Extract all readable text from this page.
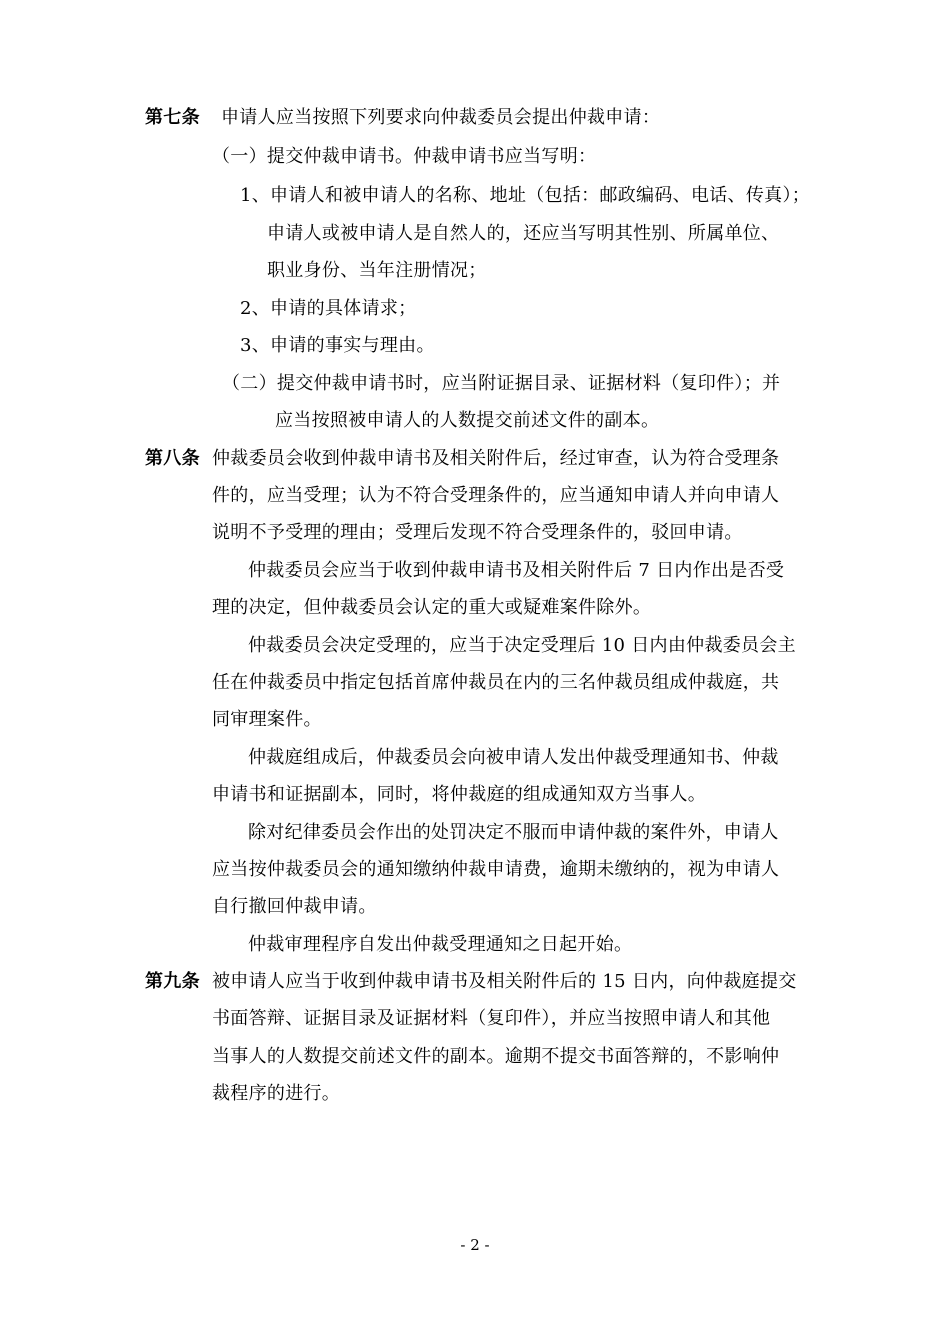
第七条 申请人应当按照下列要求向仲裁委员会提出仲裁申请：
（一）提交仲裁申请书。仲裁申请书应当写明：
1、申请人和被申请人的名称、地址（包括：邮政编码、电话、传真）；
申请人或被申请人是自然人的，还应当写明其性别、所属单位、
职业身份、当年注册情况；
2、申请的具体请求；
3、申请的事实与理由。
（二）提交仲裁申请书时，应当附证据目录、证据材料（复印件）；并
应当按照被申请人的人数提交前述文件的副本。
第八条 仲裁委员会收到仲裁申请书及相关附件后，经过审查，认为符合受理条
件的，应当受理；认为不符合受理条件的，应当通知申请人并向申请人
说明不予受理的理由；受理后发现不符合受理条件的，驳回申请。
仲裁委员会应当于收到仲裁申请书及相关附件后 7 日内作出是否受
理的决定，但仲裁委员会认定的重大或疑难案件除外。
仲裁委员会决定受理的，应当于决定受理后 10 日内由仲裁委员会主
任在仲裁委员中指定包括首席仲裁员在内的三名仲裁员组成仲裁庭，共
同审理案件。
仲裁庭组成后，仲裁委员会向被申请人发出仲裁受理通知书、仲裁
申请书和证据副本，同时，将仲裁庭的组成通知双方当事人。
除对纪律委员会作出的处罚决定不服而申请仲裁的案件外，申请人
应当按仲裁委员会的通知缴纳仲裁申请费，逾期未缴纳的，视为申请人
自行撤回仲裁申请。
仲裁审理程序自发出仲裁受理通知之日起开始。
第九条 被申请人应当于收到仲裁申请书及相关附件后的 15 日内，向仲裁庭提交
书面答辩、证据目录及证据材料（复印件），并应当按照申请人和其他
当事人的人数提交前述文件的副本。逾期不提交书面答辩的，不影响仲
裁程序的进行。
- 2 -
